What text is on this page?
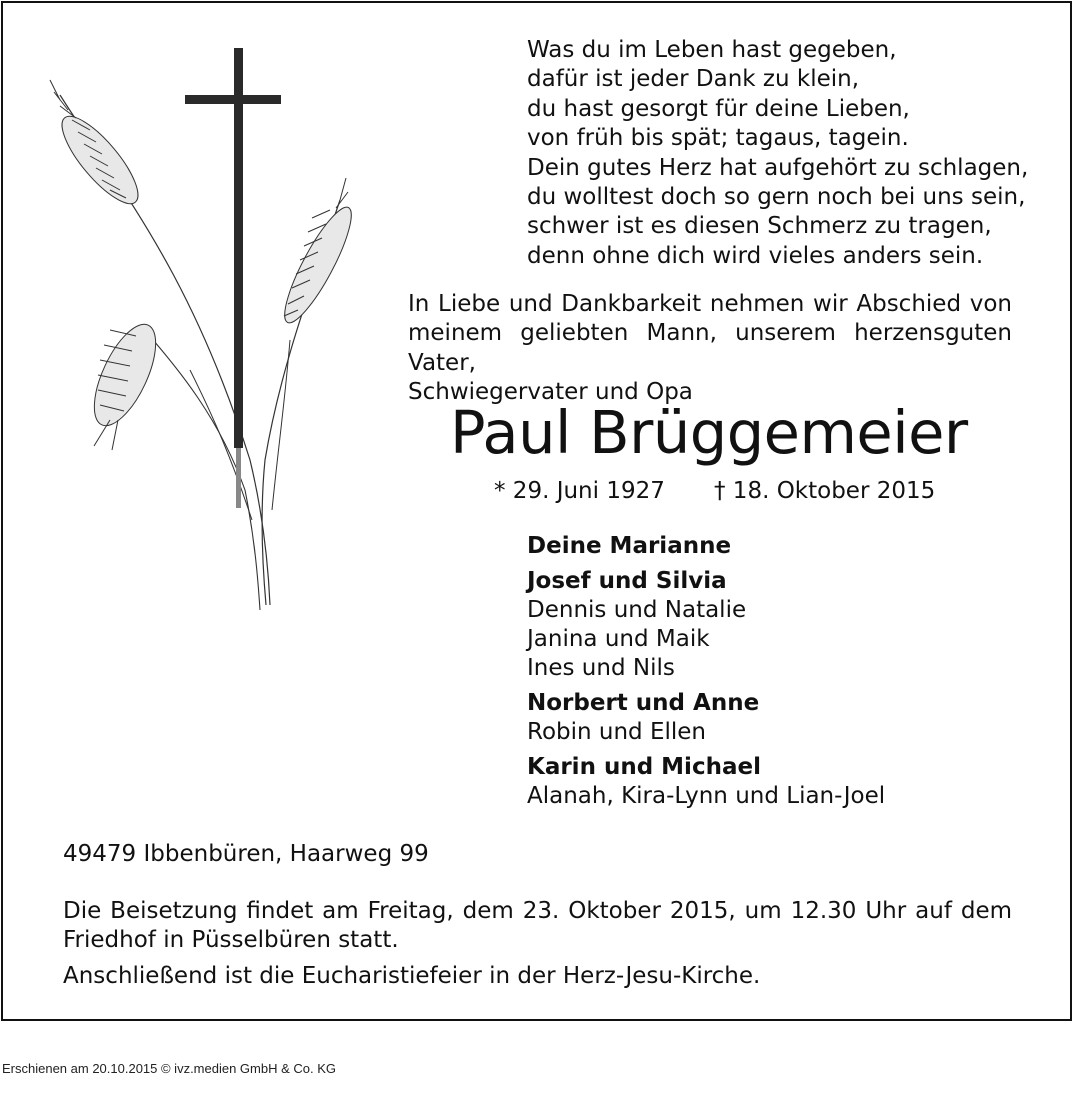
Was du im Leben hast gegeben,
dafür ist jeder Dank zu klein,
du hast gesorgt für deine Lieben,
von früh bis spät; tagaus, tagein.
Dein gutes Herz hat aufgehört zu schlagen,
du wolltest doch so gern noch bei uns sein,
schwer ist es diesen Schmerz zu tragen,
denn ohne dich wird vieles anders sein.
In Liebe und Dankbarkeit nehmen wir Abschied von
meinem geliebten Mann, unserem herzensguten Vater,
Schwiegervater und Opa
Paul Brüggemeier
* 29. Juni 1927 † 18. Oktober 2015
Deine Marianne
Josef und Silvia
Dennis und Natalie
Janina und Maik
Ines und Nils
Norbert und Anne
Robin und Ellen
Karin und Michael
Alanah, Kira-Lynn und Lian-Joel
49479 Ibbenbüren, Haarweg 99
Die Beisetzung findet am Freitag, dem 23. Oktober 2015, um 12.30 Uhr auf dem
Friedhof in Püsselbüren statt.
Anschließend ist die Eucharistiefeier in der Herz-Jesu-Kirche.
Erschienen am 20.10.2015 © ivz.medien GmbH & Co. KG
